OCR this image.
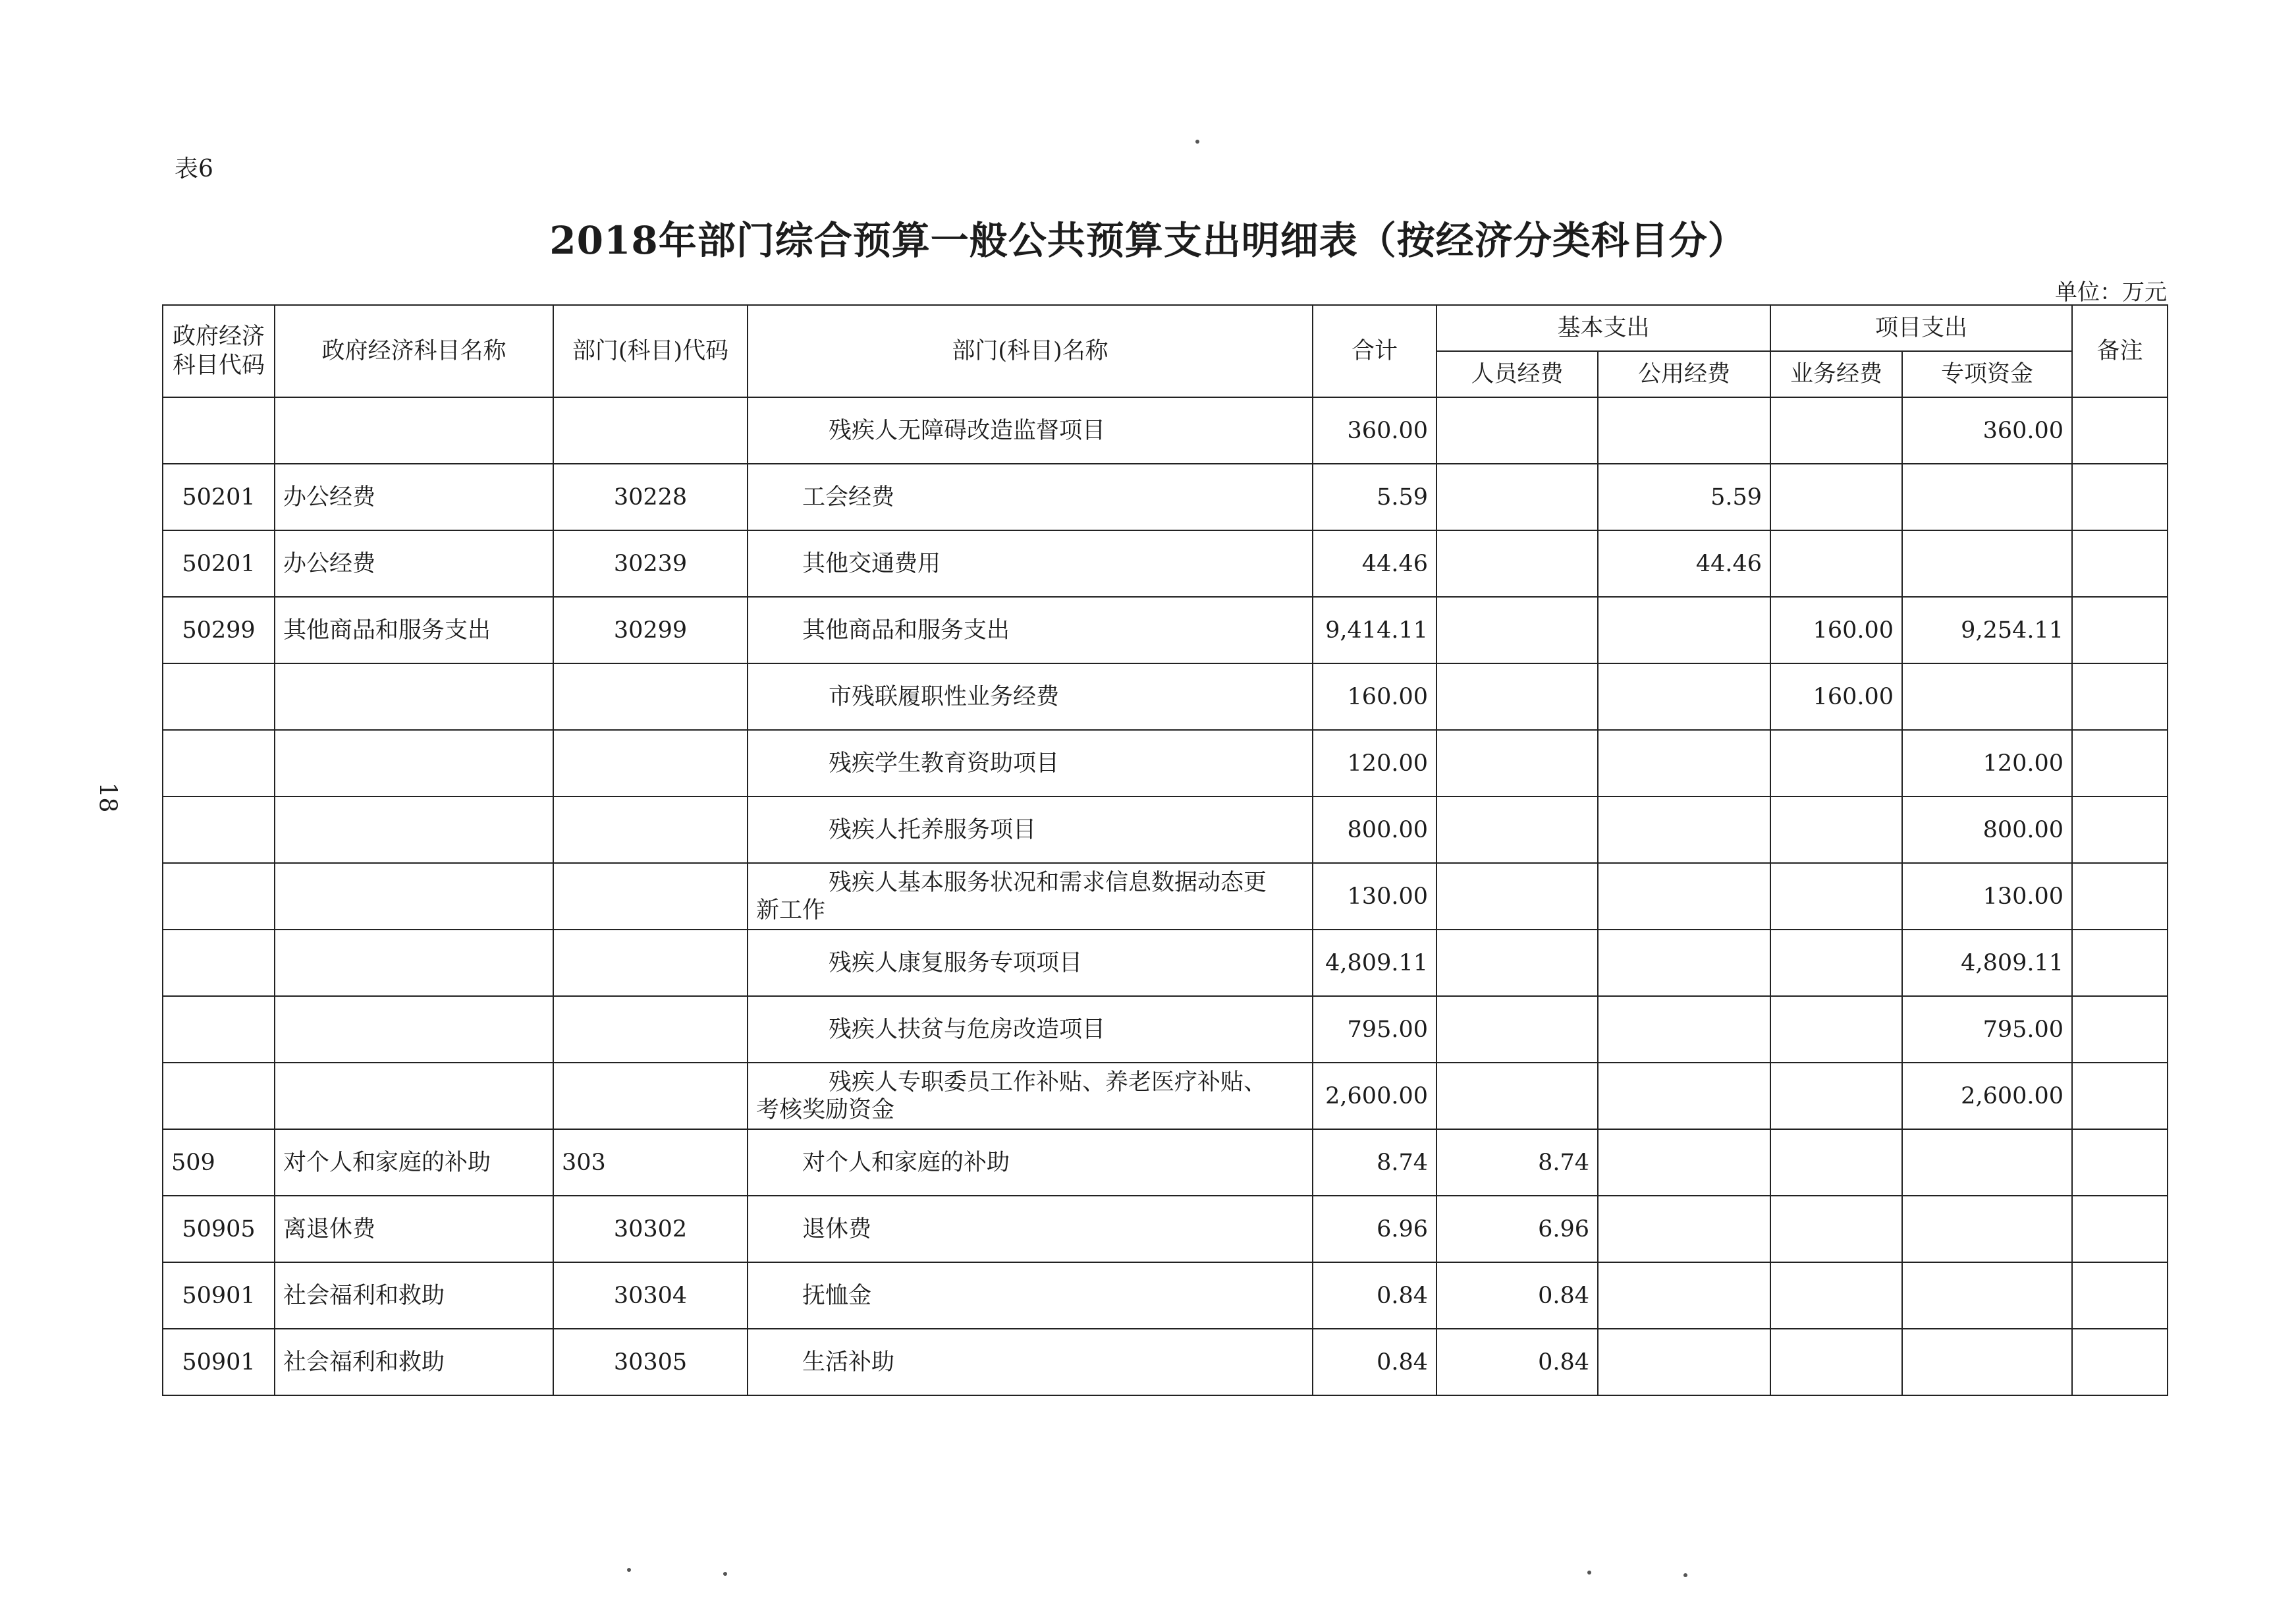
表6
2018年部门综合预算一般公共预算支出明细表（按经济分类科目分）
单位：万元
18
政府经济科目代码	政府经济科目名称	部门(科目)代码	部门(科目)名称	合计	基本支出		项目支出		备注
					人员经费	公用经费	业务经费	专项资金	
			残疾人无障碍改造监督项目	360.00				360.00	
50201	办公经费	30228	工会经费	5.59		5.59			
50201	办公经费	30239	其他交通费用	44.46		44.46			
50299	其他商品和服务支出	30299	其他商品和服务支出	9,414.11			160.00	9,254.11	
			市残联履职性业务经费	160.00			160.00		
			残疾学生教育资助项目	120.00				120.00	
			残疾人托养服务项目	800.00				800.00	

			残疾人基本服务状况和需求信息数据动态更
新工作	130.00				130.00	
			残疾人康复服务专项项目	4,809.11				4,809.11	
			残疾人扶贫与危房改造项目	795.00				795.00	

			残疾人专职委员工作补贴、养老医疗补贴、
考核奖励资金	2,600.00				2,600.00	
509	对个人和家庭的补助	303	对个人和家庭的补助	8.74	8.74				
50905	离退休费	30302	退休费	6.96	6.96				
50901	社会福利和救助	30304	抚恤金	0.84	0.84				
50901	社会福利和救助	30305	生活补助	0.84	0.84				
